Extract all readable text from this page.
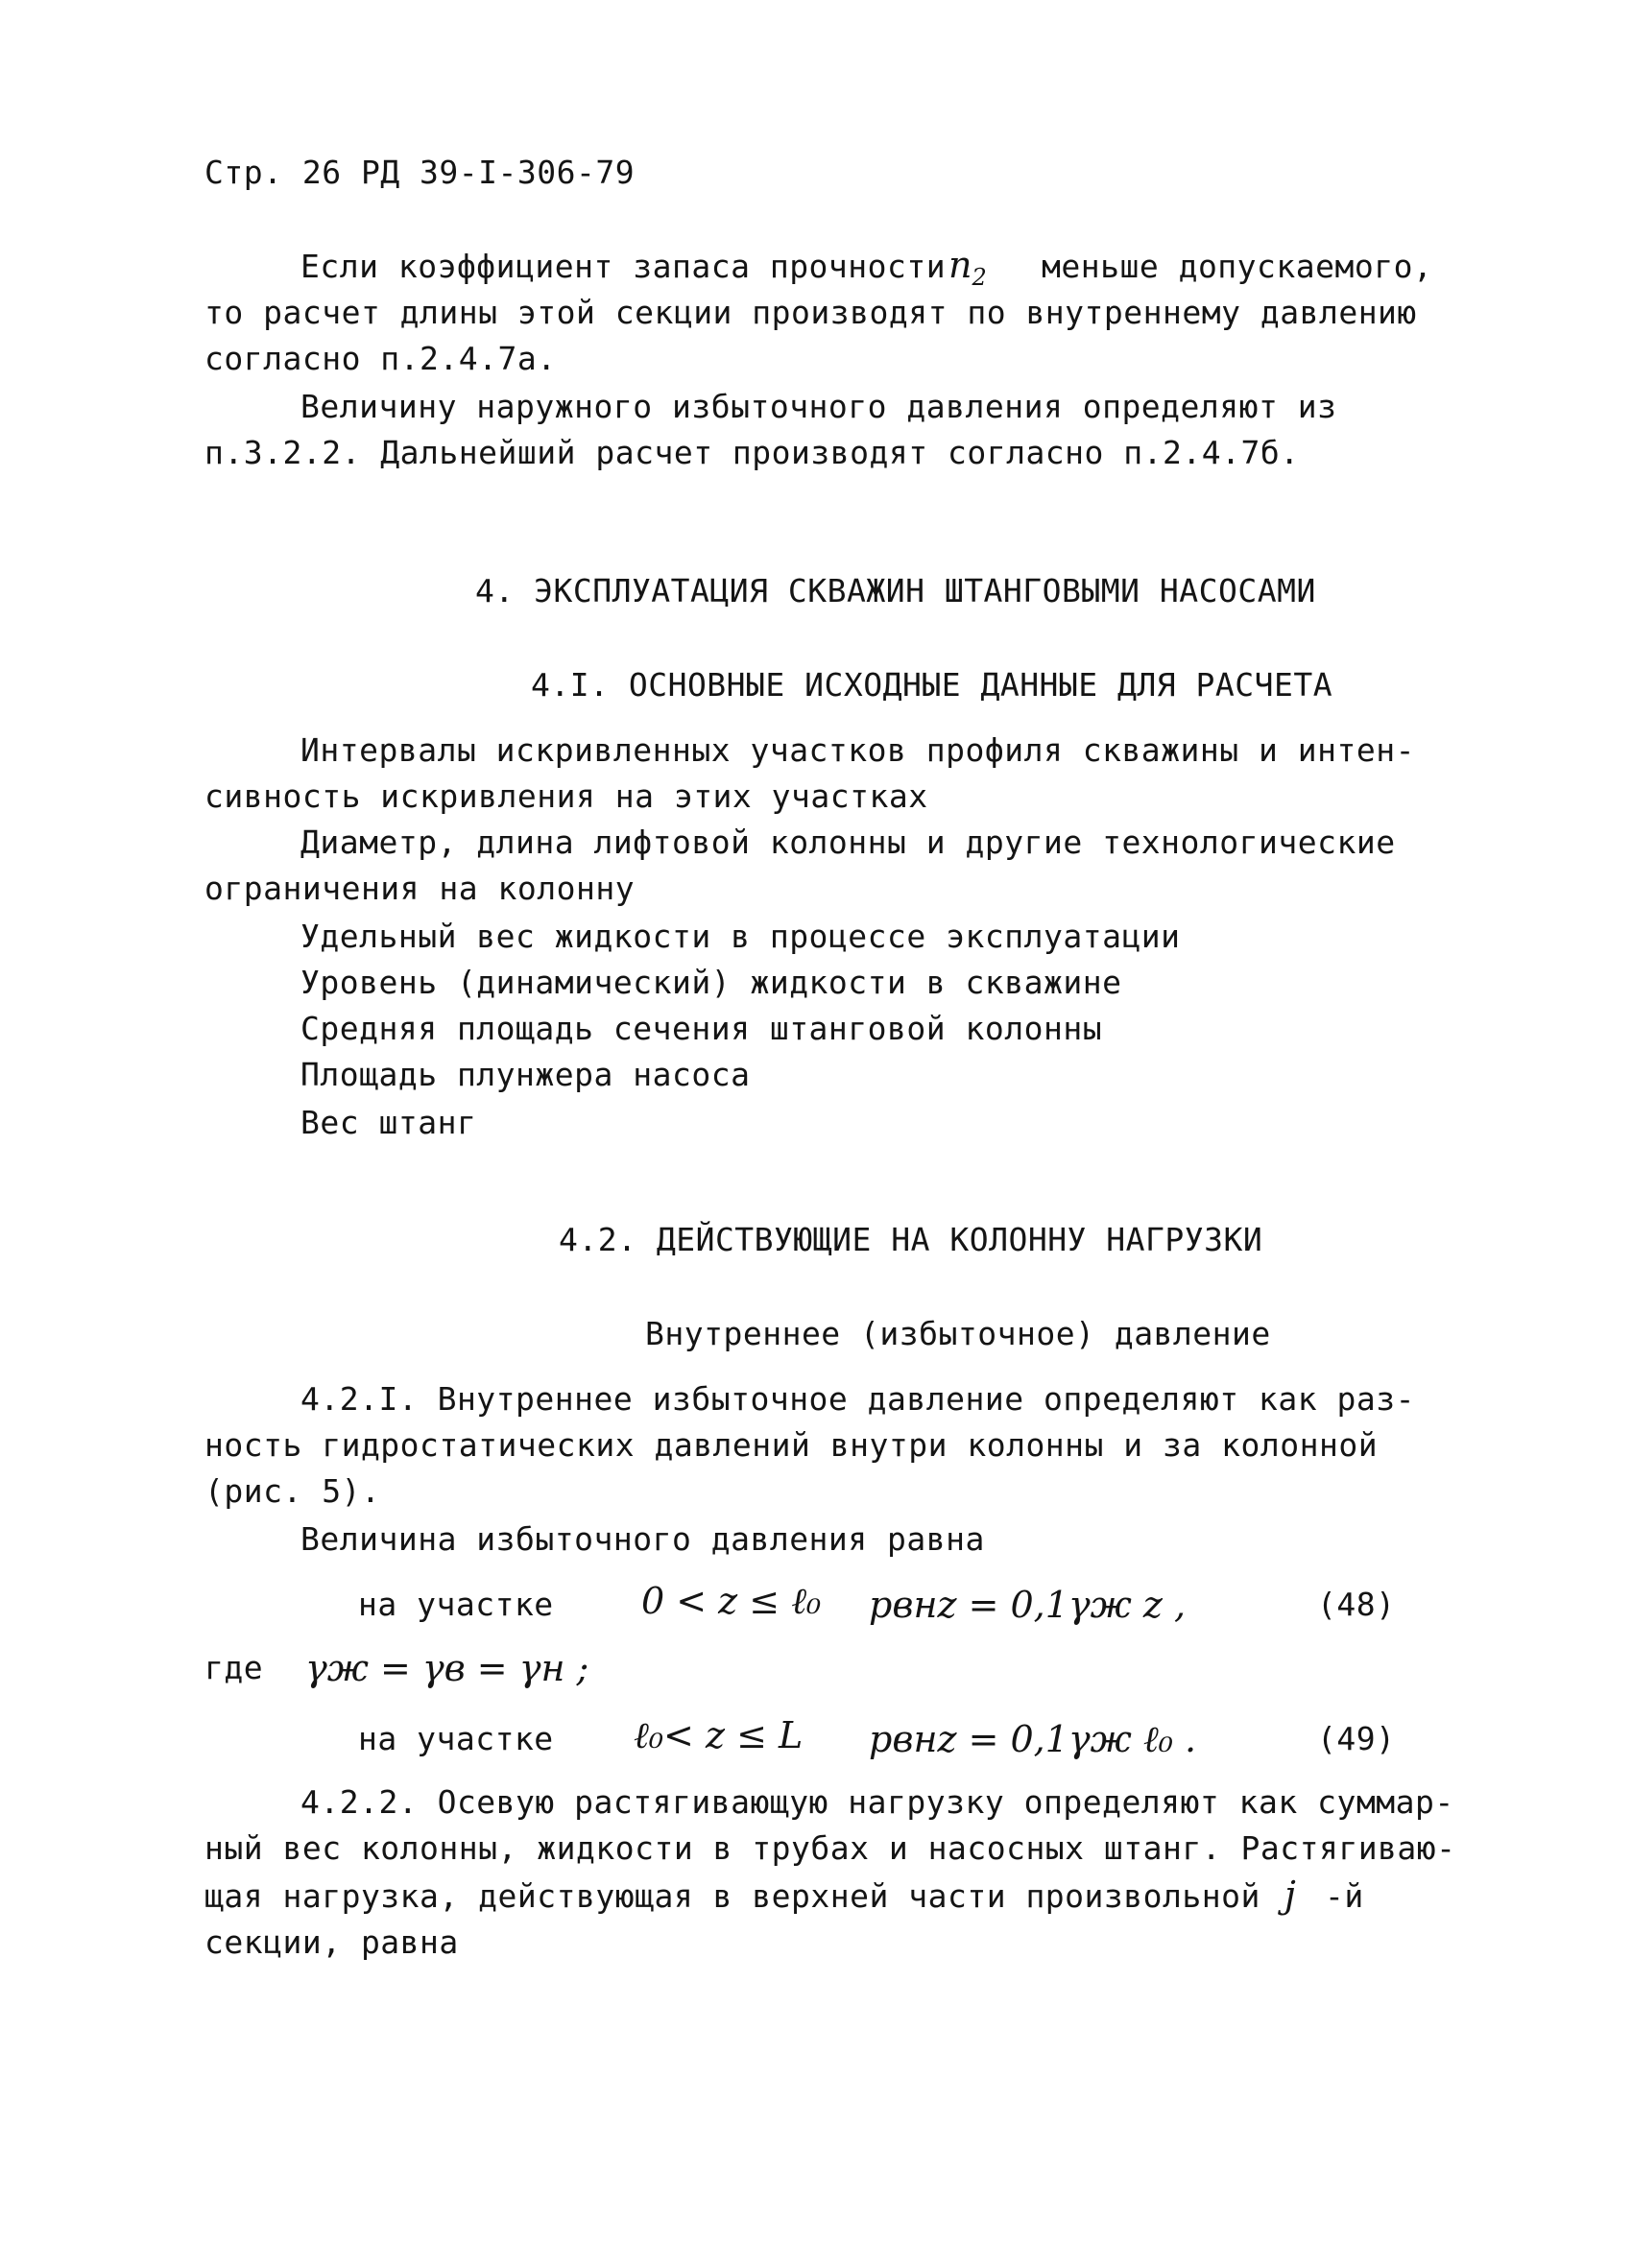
Стр. 26 РД 39-I-306-79
Если коэффициент запаса прочности $n_2$ меньше допускаемого,
то расчет длины этой секции производят по внутреннему давлению
согласно п.2.4.7а.
Величину наружного избыточного давления определяют из
п.3.2.2. Дальнейший расчет производят согласно п.2.4.7б.
4. ЭКСПЛУАТАЦИЯ СКВАЖИН ШТАНГОВЫМИ НАСОСАМИ
4.I. ОСНОВНЫЕ ИСХОДНЫЕ ДАННЫЕ ДЛЯ РАСЧЕТА
Интервалы искривленных участков профиля скважины и интен-
сивность искривления на этих участках
Диаметр, длина лифтовой колонны и другие технологические
ограничения на колонну
Удельный вес жидкости в процессе эксплуатации
Уровень (динамический) жидкости в скважине
Средняя площадь сечения штанговой колонны
Площадь плунжера насоса
Вес штанг
4.2. ДЕЙСТВУЮЩИЕ НА КОЛОННУ НАГРУЗКИ
Внутреннее (избыточное) давление
4.2.I. Внутреннее избыточное давление определяют как раз-
ность гидростатических давлений внутри колонны и за колонной
(рис. 5).
Величина избыточного давления равна
на участке 0 < z ≤ ℓ₀ pвнz = 0,1γж z ,	(48)
где γж = γв = γн ;
на участке ℓ₀< z ≤ L pвнz = 0,1γж ℓ₀ .	(49)
4.2.2. Осевую растягивающую нагрузку определяют как суммар-
ный вес колонны, жидкости в трубах и насосных штанг. Растягиваю-
щая нагрузка, действующая в верхней части произвольной j -й
секции, равна
